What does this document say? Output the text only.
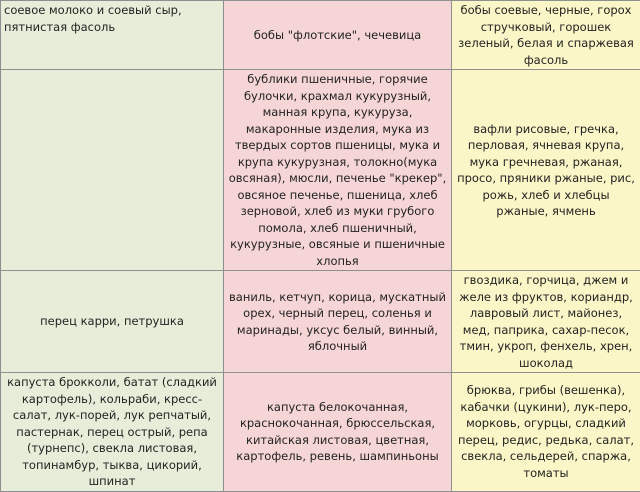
соевое молоко и соевый сыр, пятнистая фасоль	бобы "флотские", чечевица	бобы соевые, черные, горох стручковый, горошек зеленый, белая и спаржевая фасоль
	бублики пшеничные, горячие булочки, крахмал кукурузный, манная крупа, кукуруза, макаронные изделия, мука из твердых сортов пшеницы, мука и крупа кукурузная, толокно(мука овсяная), мюсли, печенье "крекер", овсяное печенье, пшеница, хлеб зерновой, хлеб из муки грубого помола, хлеб пшеничный, кукурузные, овсяные и пшеничные хлопья	вафли рисовые, гречка, перловая, ячневая крупа, мука гречневая, ржаная, просо, пряники ржаные, рис, рожь, хлеб и хлебцы ржаные, ячмень
перец карри, петрушка	ваниль, кетчуп, корица, мускатный орех, черный перец, соленья и маринады, уксус белый, винный, яблочный	гвоздика, горчица, джем и желе из фруктов, кориандр, лавровый лист, майонез, мед, паприка, сахар-песок, тмин, укроп, фенхель, хрен, шоколад
капуста брокколи, батат (сладкий картофель), кольраби, кресс-салат, лук-порей, лук репчатый, пастернак, перец острый, репа (турнепс), свекла листовая, топинамбур, тыква, цикорий, шпинат	капуста белокочанная, краснокочанная, брюссельская, китайская листовая, цветная, картофель, ревень, шампиньоны	брюква, грибы (вешенка), кабачки (цукини), лук-перо, морковь, огурцы, сладкий перец, редис, редька, салат, свекла, сельдерей, спаржа, томаты
